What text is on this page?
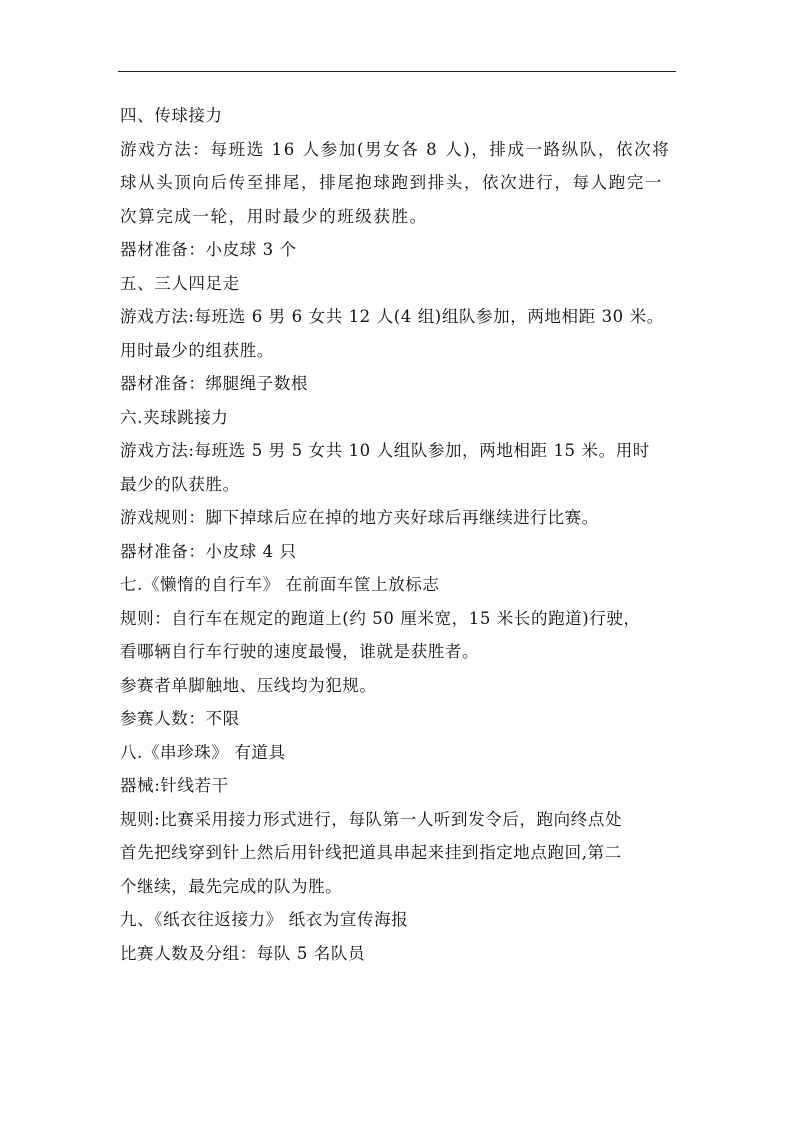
四、传球接力
游戏方法：每班选 16 人参加(男女各 8 人)，排成一路纵队，依次将
球从头顶向后传至排尾，排尾抱球跑到排头，依次进行，每人跑完一
次算完成一轮，用时最少的班级获胜。
器材准备：小皮球 3 个
五、三人四足走
游戏方法:每班选 6 男 6 女共 12 人(4 组)组队参加，两地相距 30 米。
用时最少的组获胜。
器材准备：绑腿绳子数根
六.夹球跳接力
游戏方法:每班选 5 男 5 女共 10 人组队参加，两地相距 15 米。用时
最少的队获胜。
游戏规则：脚下掉球后应在掉的地方夹好球后再继续进行比赛。
器材准备：小皮球 4 只
七.《懒惰的自行车》 在前面车筐上放标志
规则：自行车在规定的跑道上(约 50 厘米宽，15 米长的跑道)行驶，
看哪辆自行车行驶的速度最慢，谁就是获胜者。
参赛者单脚触地、压线均为犯规。
参赛人数：不限
八.《串珍珠》 有道具
器械:针线若干
规则:比赛采用接力形式进行，每队第一人听到发令后，跑向终点处
首先把线穿到针上然后用针线把道具串起来挂到指定地点跑回,第二
个继续，最先完成的队为胜。
九、《纸衣往返接力》 纸衣为宣传海报
比赛人数及分组：每队 5 名队员
